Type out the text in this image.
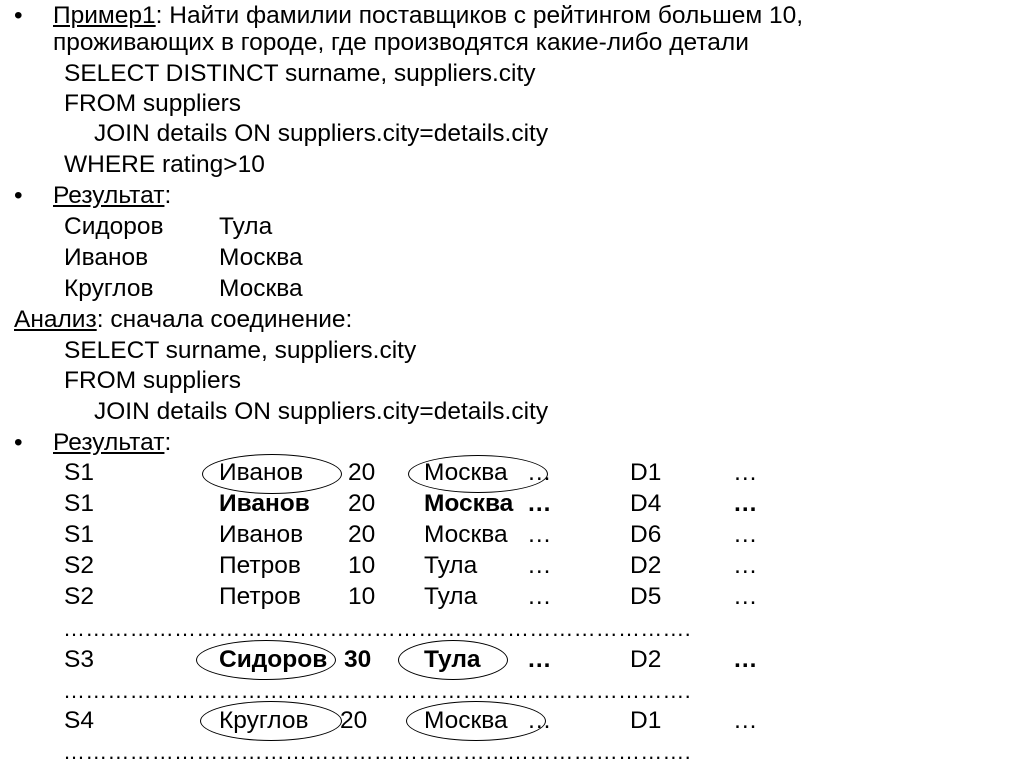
• Пример1: Найти фамилии поставщиков с рейтингом большем 10,
проживающих в городе, где производятся какие-либо детали
SELECT DISTINCT surname, suppliers.city
FROM suppliers
JOIN details ON suppliers.city=details.city
WHERE rating>10
• Результат:
Сидоров Тула
Иванов	Москва
Круглов	Москва
Анализ: сначала соединение:
SELECT surname, suppliers.city
FROM suppliers
JOIN details ON suppliers.city=details.city
• Результат:
S1	Иванов 20 Москва …	D1	…
S1	Иванов 20 Москва …	D4	…
S1	Иванов 20 Москва …	D6	…
S2	Петров 10 Тула …	D2	…
S2	Петров 10 Тула …	D5	…
………………………………………………………………………….
S3	Сидоров 30 Тула …	D2	…
………………………………………………………………………….
S4	Круглов 20 Москва …	D1	…
………………………………………………………………………….
